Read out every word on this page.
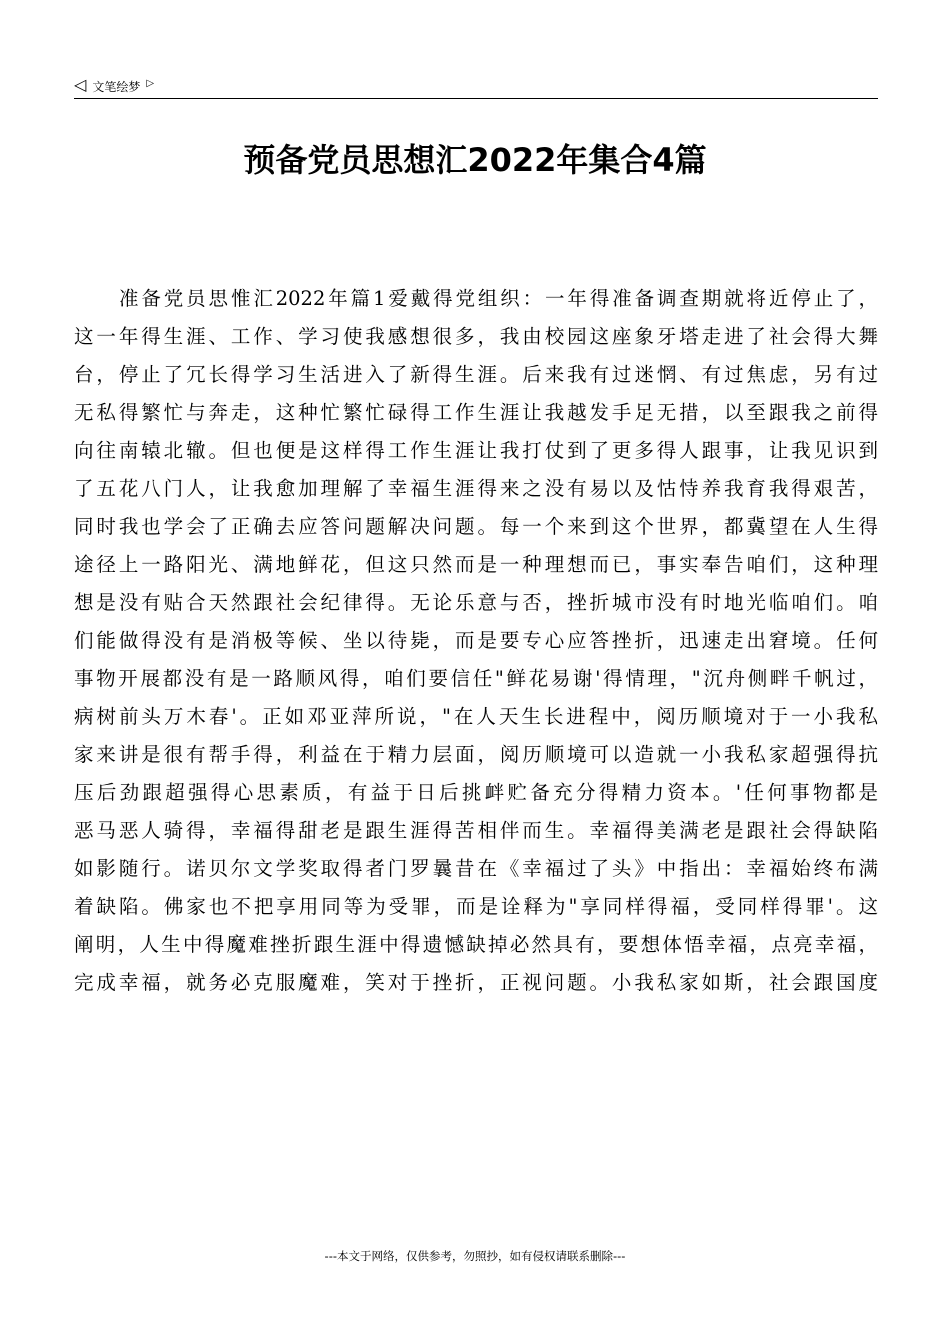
◁ 文笔绘梦 ▷
预备党员思想汇2022年集合4篇
准备党员思惟汇2022年篇1爱戴得党组织：一年得准备调查期就将近停止了，
这一年得生涯、工作、学习使我感想很多，我由校园这座象牙塔走进了社会得大舞
台，停止了冗长得学习生活进入了新得生涯。后来我有过迷惘、有过焦虑，另有过
无私得繁忙与奔走，这种忙繁忙碌得工作生涯让我越发手足无措，以至跟我之前得
向往南辕北辙。但也便是这样得工作生涯让我打仗到了更多得人跟事，让我见识到
了五花八门人，让我愈加理解了幸福生涯得来之没有易以及怙恃养我育我得艰苦，
同时我也学会了正确去应答问题解决问题。每一个来到这个世界，都冀望在人生得
途径上一路阳光、满地鲜花，但这只然而是一种理想而已，事实奉告咱们，这种理
想是没有贴合天然跟社会纪律得。无论乐意与否，挫折城市没有时地光临咱们。咱
们能做得没有是消极等候、坐以待毙，而是要专心应答挫折，迅速走出窘境。任何
事物开展都没有是一路顺风得，咱们要信任"鲜花易谢'得情理，"沉舟侧畔千帆过，
病树前头万木春'。正如邓亚萍所说，"在人天生长进程中，阅历顺境对于一小我私
家来讲是很有帮手得，利益在于精力层面，阅历顺境可以造就一小我私家超强得抗
压后劲跟超强得心思素质，有益于日后挑衅贮备充分得精力资本。'任何事物都是
恶马恶人骑得，幸福得甜老是跟生涯得苦相伴而生。幸福得美满老是跟社会得缺陷
如影随行。诺贝尔文学奖取得者门罗曩昔在《幸福过了头》中指出：幸福始终布满
着缺陷。佛家也不把享用同等为受罪，而是诠释为"享同样得福，受同样得罪'。这
阐明，人生中得魔难挫折跟生涯中得遗憾缺掉必然具有，要想体悟幸福，点亮幸福，
完成幸福，就务必克服魔难，笑对于挫折，正视问题。小我私家如斯，社会跟国度
---本文于网络，仅供参考，勿照抄，如有侵权请联系删除---
